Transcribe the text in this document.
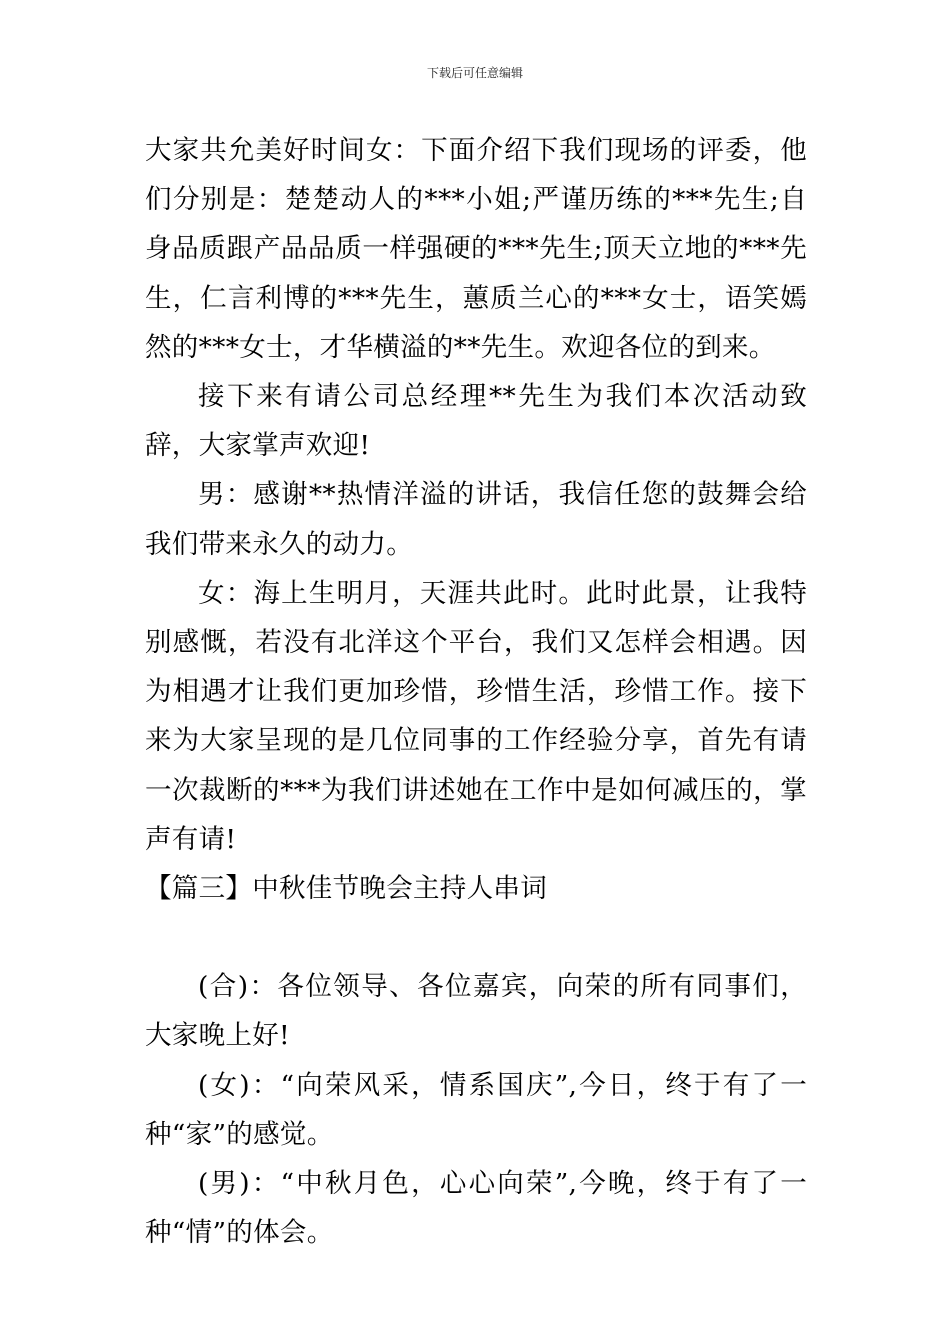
下载后可任意编辑

大家共允美好时间女：下面介绍下我们现场的评委，他们分别是：楚楚动人的***小姐;严谨历练的***先生;自身品质跟产品品质一样强硬的***先生;顶天立地的***先生，仁言利博的***先生，蕙质兰心的***女士，语笑嫣然的***女士，才华横溢的**先生。欢迎各位的到来。

接下来有请公司总经理**先生为我们本次活动致辞，大家掌声欢迎!

男：感谢**热情洋溢的讲话，我信任您的鼓舞会给我们带来永久的动力。

女：海上生明月，天涯共此时。此时此景，让我特别感慨，若没有北洋这个平台，我们又怎样会相遇。因为相遇才让我们更加珍惜，珍惜生活，珍惜工作。接下来为大家呈现的是几位同事的工作经验分享，首先有请一次裁断的***为我们讲述她在工作中是如何减压的，掌声有请!

【篇三】中秋佳节晚会主持人串词

(合)：各位领导、各位嘉宾，向荣的所有同事们，大家晚上好!

(女)：“向荣风采，情系国庆”,今日，终于有了一种“家”的感觉。

(男)：“中秋月色，心心向荣”,今晚，终于有了一种“情”的体会。
